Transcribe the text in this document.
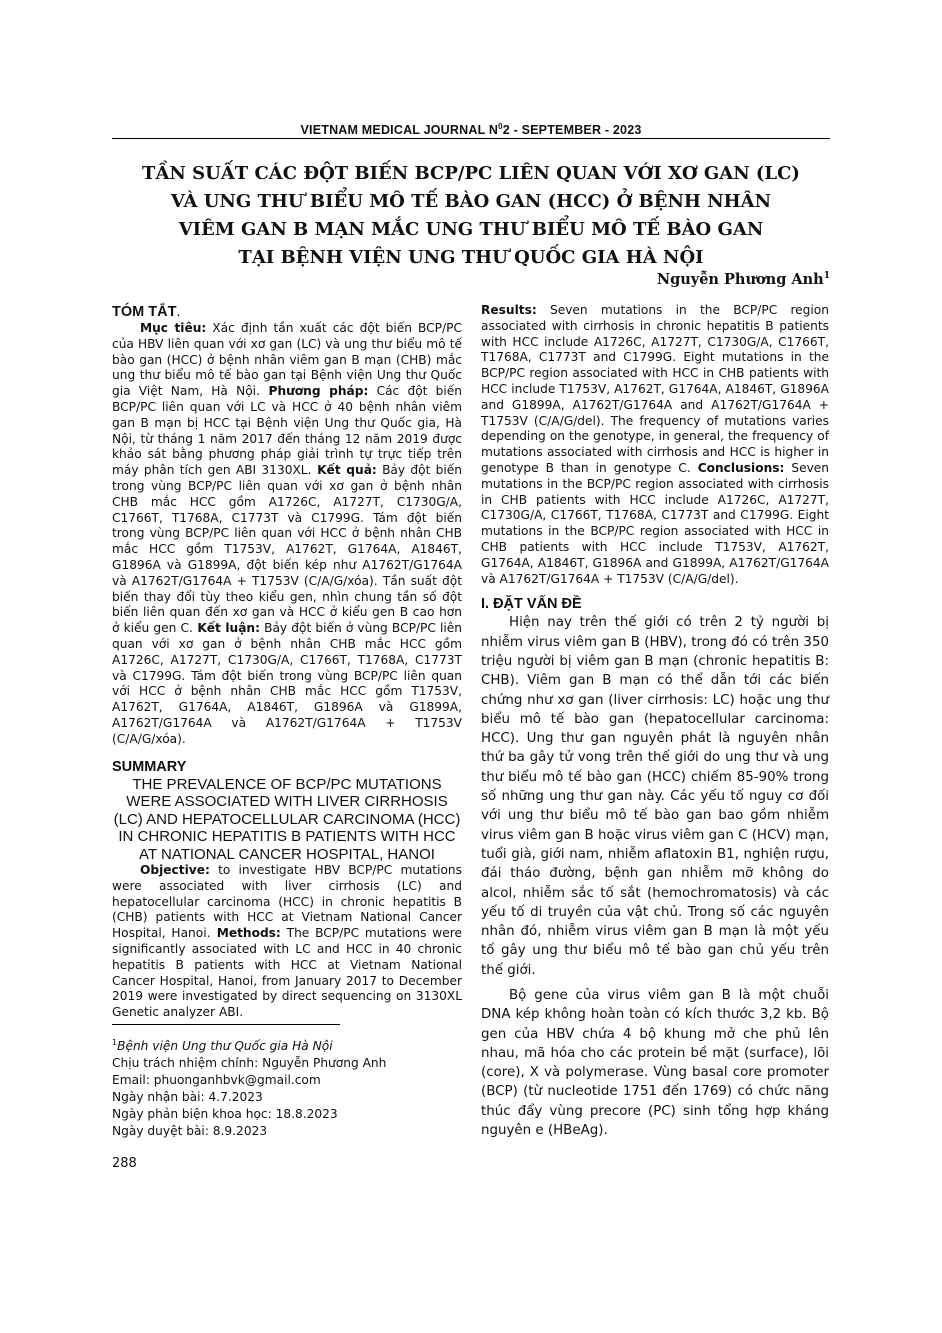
VIETNAM MEDICAL JOURNAL $N^02$ - SEPTEMBER - 2023
TẦN SUẤT CÁC ĐỘT BIẾN BCP/PC LIÊN QUAN VỚI XƠ GAN (LC)
VÀ UNG THƯ BIỂU MÔ TẾ BÀO GAN (HCC) Ở BỆNH NHÂN
VIÊM GAN B MẠN MẮC UNG THƯ BIỂU MÔ TẾ BÀO GAN
TẠI BỆNH VIỆN UNG THƯ QUỐC GIA HÀ NỘI
Nguyễn Phương Anh$^1$

TÓM TẮT.

Mục tiêu: Xác định tần xuất các đột biến BCP/PC của HBV liên quan với xơ gan (LC) và ung thư biểu mô tế bào gan (HCC) ở bệnh nhân viêm gan B mạn (CHB) mắc ung thư biểu mô tế bào gan tại Bệnh viện Ung thư Quốc gia Việt Nam, Hà Nội. Phương pháp: Các đột biến BCP/PC liên quan với LC và HCC ở 40 bệnh nhân viêm gan B mạn bị HCC tại Bệnh viện Ung thư Quốc gia, Hà Nội, từ tháng 1 năm 2017 đến tháng 12 năm 2019 được khảo sát bằng phương pháp giải trình tự trực tiếp trên máy phân tích gen ABI 3130XL. Kết quả: Bảy đột biến trong vùng BCP/PC liên quan với xơ gan ở bệnh nhân CHB mắc HCC gồm A1726C, A1727T, C1730G/A, C1766T, T1768A, C1773T và C1799G. Tám đột biến trong vùng BCP/PC liên quan với HCC ở bệnh nhân CHB mắc HCC gồm T1753V, A1762T, G1764A, A1846T, G1896A và G1899A, đột biến kép như A1762T/G1764A và A1762T/G1764A + T1753V (C/A/G/xóa). Tần suất đột biến thay đổi tùy theo kiểu gen, nhìn chung tần số đột biến liên quan đến xơ gan và HCC ở kiểu gen B cao hơn ở kiểu gen C. Kết luận: Bảy đột biến ở vùng BCP/PC liên quan với xơ gan ở bệnh nhân CHB mắc HCC gồm A1726C, A1727T, C1730G/A, C1766T, T1768A, C1773T và C1799G. Tám đột biến trong vùng BCP/PC liên quan với HCC ở bệnh nhân CHB mắc HCC gồm T1753V, A1762T, G1764A, A1846T, G1896A và G1899A, A1762T/G1764A và A1762T/G1764A + T1753V (C/A/G/xóa).

SUMMARY

THE PREVALENCE OF BCP/PC MUTATIONS WERE ASSOCIATED WITH LIVER CIRRHOSIS (LC) AND HEPATOCELLULAR CARCINOMA (HCC) IN CHRONIC HEPATITIS B PATIENTS WITH HCC AT NATIONAL CANCER HOSPITAL, HANOI

Objective: to investigate HBV BCP/PC mutations were associated with liver cirrhosis (LC) and hepatocellular carcinoma (HCC) in chronic hepatitis B (CHB) patients with HCC at Vietnam National Cancer Hospital, Hanoi. Methods: The BCP/PC mutations were significantly associated with LC and HCC in 40 chronic hepatitis B patients with HCC at Vietnam National Cancer Hospital, Hanoi, from January 2017 to December 2019 were investigated by direct sequencing on 3130XL Genetic analyzer ABI.

Results: Seven mutations in the BCP/PC region associated with cirrhosis in chronic hepatitis B patients with HCC include A1726C, A1727T, C1730G/A, C1766T, T1768A, C1773T and C1799G. Eight mutations in the BCP/PC region associated with HCC in CHB patients with HCC include T1753V, A1762T, G1764A, A1846T, G1896A and G1899A, A1762T/G1764A and A1762T/G1764A + T1753V (C/A/G/del). The frequency of mutations varies depending on the genotype, in general, the frequency of mutations associated with cirrhosis and HCC is higher in genotype B than in genotype C. Conclusions: Seven mutations in the BCP/PC region associated with cirrhosis in CHB patients with HCC include A1726C, A1727T, C1730G/A, C1766T, T1768A, C1773T and C1799G. Eight mutations in the BCP/PC region associated with HCC in CHB patients with HCC include T1753V, A1762T, G1764A, A1846T, G1896A and G1899A, A1762T/G1764A và A1762T/G1764A + T1753V (C/A/G/del).

I. ĐẶT VẤN ĐỀ

Hiện nay trên thế giới có trên 2 tỷ người bị nhiễm virus viêm gan B (HBV), trong đó có trên 350 triệu người bị viêm gan B mạn (chronic hepatitis B: CHB). Viêm gan B mạn có thể dẫn tới các biến chứng như xơ gan (liver cirrhosis: LC) hoặc ung thư biểu mô tế bào gan (hepatocellular carcinoma: HCC). Ung thư gan nguyên phát là nguyên nhân thứ ba gây tử vong trên thế giới do ung thư và ung thư biểu mô tế bào gan (HCC) chiếm 85-90% trong số những ung thư gan này. Các yếu tố nguy cơ đối với ung thư biểu mô tế bào gan bao gồm nhiễm virus viêm gan B hoặc virus viêm gan C (HCV) mạn, tuổi già, giới nam, nhiễm aflatoxin B1, nghiện rượu, đái tháo đường, bệnh gan nhiễm mỡ không do alcol, nhiễm sắc tố sắt (hemochromatosis) và các yếu tố di truyền của vật chủ. Trong số các nguyên nhân đó, nhiễm virus viêm gan B mạn là một yếu tố gây ung thư biểu mô tế bào gan chủ yếu trên thế giới.

Bộ gene của virus viêm gan B là một chuỗi DNA kép không hoàn toàn có kích thước 3,2 kb. Bộ gen của HBV chứa 4 bộ khung mở che phủ lên nhau, mã hóa cho các protein bề mặt (surface), lõi (core), X và polymerase. Vùng basal core promoter (BCP) (từ nucleotide 1751 đến 1769) có chức năng thúc đẩy vùng precore (PC) sinh tổng hợp kháng nguyên e (HBeAg).

$^1$Bệnh viện Ung thư Quốc gia Hà Nội
Chịu trách nhiệm chính: Nguyễn Phương Anh
Email: phuonganhbvk@gmail.com
Ngày nhận bài: 4.7.2023
Ngày phản biện khoa học: 18.8.2023
Ngày duyệt bài: 8.9.2023
288
